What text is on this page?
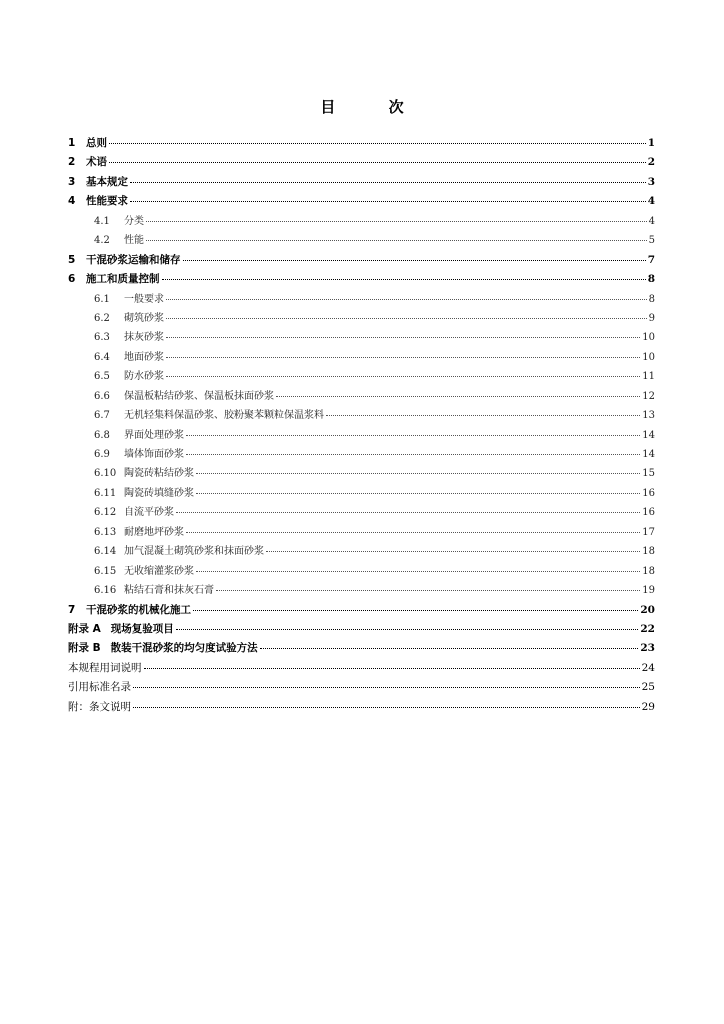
目 次
1	总则	1
2	术语	2
3	基本规定	3
4	性能要求	4
4.1	分类	4
4.2	性能	5
5	干混砂浆运输和储存	7
6	施工和质量控制	8
6.1	一般要求	8
6.2	砌筑砂浆	9
6.3	抹灰砂浆	10
6.4	地面砂浆	10
6.5	防水砂浆	11
6.6	保温板粘结砂浆、保温板抹面砂浆	12
6.7	无机轻集料保温砂浆、胶粉聚苯颗粒保温浆料	13
6.8	界面处理砂浆	14
6.9	墙体饰面砂浆	14
6.10 陶瓷砖粘结砂浆	15
6.11 陶瓷砖填缝砂浆	16
6.12 自流平砂浆	16
6.13 耐磨地坪砂浆	17
6.14 加气混凝土砌筑砂浆和抹面砂浆	18
6.15 无收缩灌浆砂浆	18
6.16 粘结石膏和抹灰石膏	19
7	干混砂浆的机械化施工	20
附录 A 现场复验项目	22
附录 B 散装干混砂浆的均匀度试验方法	23
本规程用词说明	24
引用标准名录	25
附：条文说明	29
